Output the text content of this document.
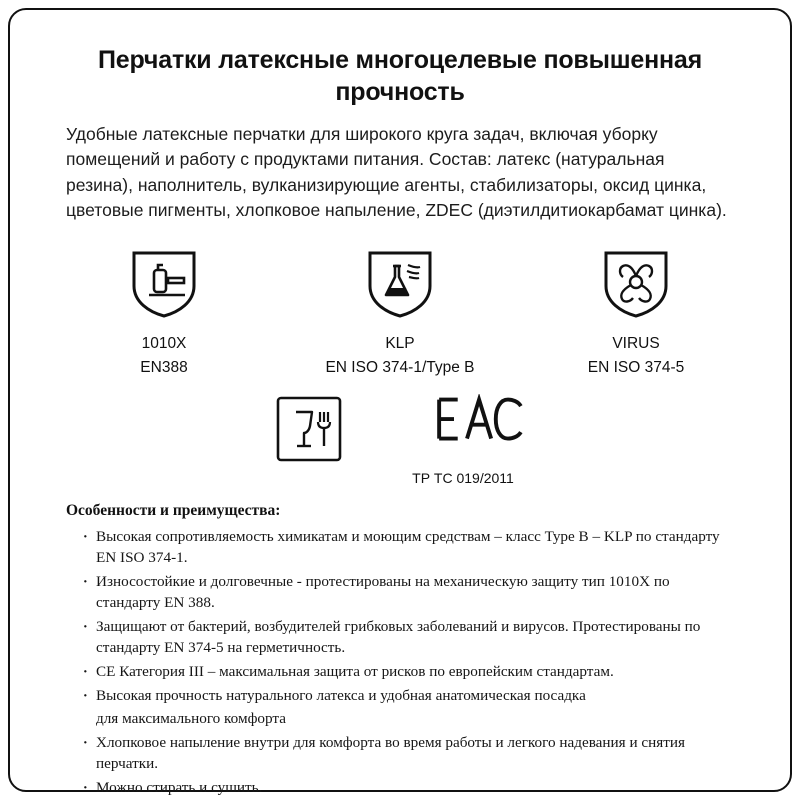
Перчатки латексные многоцелевые повышенная прочность
Удобные латексные перчатки для широкого круга задач, включая уборку помещений и работу с продуктами питания. Состав: латекс (натуральная резина), наполнитель, вулканизирующие агенты, стабилизаторы, оксид цинка, цветовые пигменты, хлопковое напыление, ZDEC (диэтилдитиокарбамат цинка).
1010X
EN388
KLP
EN ISO 374-1/Type B
VIRUS
EN ISO 374-5
ТР ТС 019/2011
Особенности и преимущества:
· Высокая сопротивляемость химикатам и моющим средствам – класс Type B – KLP по стандарту EN ISO 374-1.
· Износостойкие и долговечные - протестированы на механическую защиту тип 1010X по стандарту EN 388.
· Защищают от бактерий, возбудителей грибковых заболеваний и вирусов. Протестированы по стандарту EN 374-5 на герметичность.
· CE Категория III – максимальная защита от рисков по европейским стандартам.
· Высокая прочность натурального латекса и удобная анатомическая посадка
для максимального комфорта
· Хлопковое напыление внутри для комфорта во время работы и легкого надевания и снятия перчатки.
· Можно стирать и сушить.
